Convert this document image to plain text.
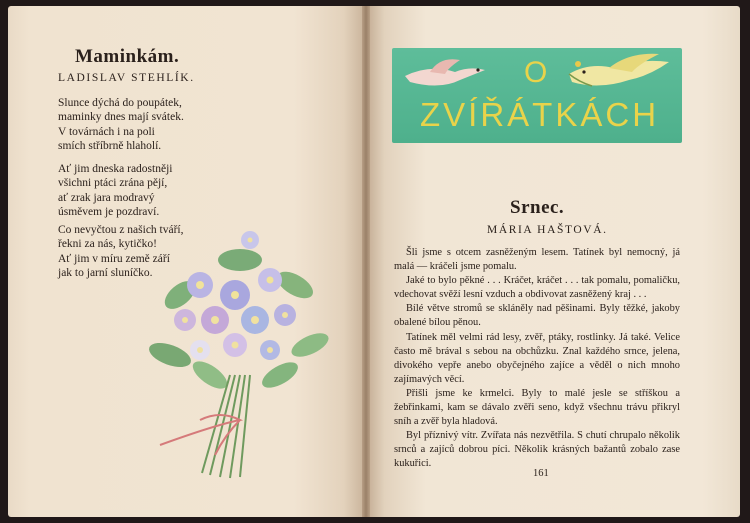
Maminkám.
LADISLAV STEHLÍK.
Slunce dýchá do poupátek,
maminky dnes mají svátek.
V továrnách i na poli
smích stříbrně hlaholí.
Ať jim dneska radostněji
všichni ptáci zrána pějí,
ať zrak jara modravý
úsměvem je pozdraví.
Co nevyčtou z našich tváří,
řekni za nás, kytičko!
Ať jim v míru země září
jak to jarní sluníčko.
O
ZVÍŘÁTKÁCH
Srnec.
MÁRIA HAŠTOVÁ.

Šli jsme s otcem zasněženým lesem. Tatínek byl nemocný, já malá — kráčeli jsme pomalu.

Jaké to bylo pěkné . . . Kráčet, kráčet . . . tak pomalu, pomaličku, vdechovat svěží lesní vzduch a obdivovat zasněžený kraj . . .

Bílé větve stromů se skláněly nad pěšinami. Byly těžké, jakoby obalené bílou pěnou.

Tatínek měl velmi rád lesy, zvěř, ptáky, rostlinky. Já také. Velice často mě brával s sebou na obchůzku. Znal každého srnce, jelena, divokého vepře anebo obyčejného zajíce a věděl o nich mnoho zajímavých věcí.

Přišli jsme ke krmelci. Byly to malé jesle se stříškou a žebřinkami, kam se dávalo zvěři seno, když všechnu trávu přikryl sníh a zvěř byla hladová.

Byl příznivý vítr. Zvířata nás nezvětřila. S chutí chrupalo několik srnců a zajíců dobrou píci. Několik krásných bažantů zobalo zase kukuřici.

161
